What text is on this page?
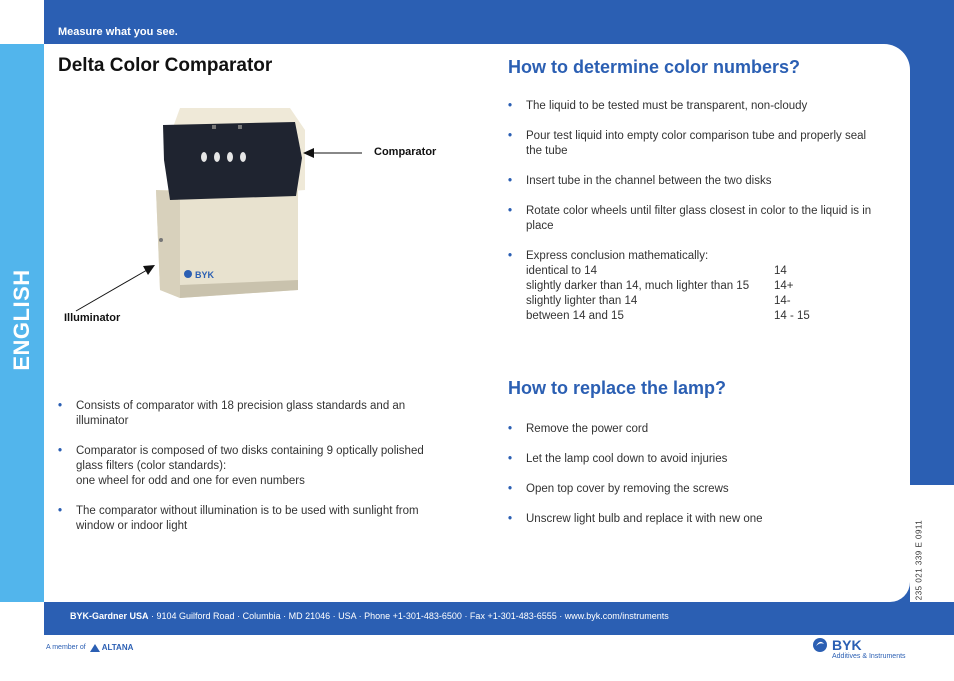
Measure what you see.
ENGLISH
Delta Color Comparator
BYK
Comparator
Illuminator
• Consists of comparator with 18 precision glass standards and an illuminator
• Comparator is composed of two disks containing 9 optically polished glass filters (color standards):
one wheel for odd and one for even numbers
• The comparator without illumination is to be used with sunlight from window or indoor light
How to determine color numbers?
• The liquid to be tested must be transparent, non-cloudy
• Pour test liquid into empty color comparison tube and properly seal the tube
• Insert tube in the channel between the two disks
• Rotate color wheels until filter glass closest in color to the liquid is in place
• Express conclusion mathematically:
identical to 14	14
slightly darker than 14, much lighter than 15	14+
slightly lighter than 14	14-
between 14 and 15	14 - 15
How to replace the lamp?
• Remove the power cord
• Let the lamp cool down to avoid injuries
• Open top cover by removing the screws
• Unscrew light bulb and replace it with new one
BYK-Gardner USA · 9104 Guilford Road · Columbia · MD 21046 · USA · Phone +1-301-483-6500 · Fax +1-301-483-6555 · www.byk.com/instruments
235 021 339 E 0911
A member of ALTANA	BYK
Additives & Instruments
